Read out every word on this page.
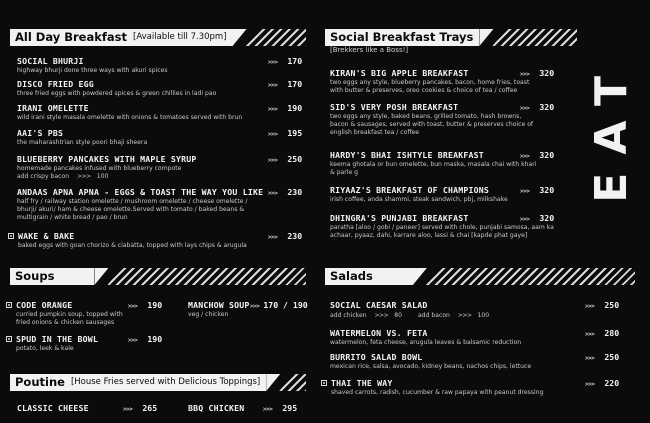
All Day Breakfast [Available till 7.30pm]
SOCIAL BHURJI
highway bhurji done three ways with akuri spices
>>> 170
DISCO FRIED EGG
three fried eggs with powdered spices & green chillies in ladi pao
>>> 170
IRANI OMELETTE
wild irani style masala omelette with onions & tomatoes served with brun
>>> 190
AAI'S PBS
the maharashtrian style poori bhaji sheera
>>> 195
BLUEBERRY PANCAKES WITH MAPLE SYRUP
homemade pancakes infused with blueberry compote
add crispy bacon >>> 100
>>> 250
ANDAAS APNA APNA - EGGS & TOAST THE WAY YOU LIKE
half fry / railway station omelette / mushroom omelette / cheese omelette / bhurji/ akuri/ ham & cheese omelette.Served with tomato / baked beans & multigrain / white bread / pao / brun
>>> 230
WAKE & BAKE
baked eggs with goan chorizo & ciabatta, topped with lays chips & arugula
>>> 230
Social Breakfast Trays
[Brekkers like a Boss!]
KIRAN'S BIG APPLE BREAKFAST
two eggs any style, blueberry pancakes, bacon, home fries, toast with butter & preserves, oreo cookies & choice of tea / coffee
>>> 320
SID'S VERY POSH BREAKFAST
two eggs any style, baked beans, grilled tomato, hash browns, bacon & sausages, served with toast, butter & preserves choice of english breakfast tea / coffee
>>> 320
HARDY'S BHAI ISHTYLE BREAKFAST
keema ghotala or bun omelette, bun maska, masala chai with khari & parle g
>>> 320
RIYAAZ'S BREAKFAST OF CHAMPIONS
irish coffee, anda shammi, steak sandwich, pbj, milkshake
>>> 320
DHINGRA'S PUNJABI BREAKFAST
paratha [aloo / gobi / paneer] served with chole, punjabi samosa, aam ka achaar, pyaaz, dahi, karrare aloo, lassi & chai [kapde phat gaye]
>>> 320
EAT
Soups
CODE ORANGE
curried pumpkin soup, topped with fried onions & chicken sausages
>>> 190
SPUD IN THE BOWL
potato, leek & kale
>>> 190
MANCHOW SOUP
veg / chicken
>>> 170 / 190
Poutine [House Fries served with Delicious Toppings]
CLASSIC CHEESE	>>> 265	BBQ CHICKEN	>>> 295
Salads
SOCIAL CAESAR SALAD
add chicken >>> 80	add bacon >>> 100
>>> 250
WATERMELON VS. FETA
watermelon, feta cheese, arugula leaves & balsamic reduction
>>> 280
BURRITO SALAD BOWL
mexican rice, salsa, avocado, kidney beans, nachos chips, lettuce
>>> 250
THAI THE WAY
shaved carrots, radish, cucumber & raw papaya with peanut dressing
>>> 220
